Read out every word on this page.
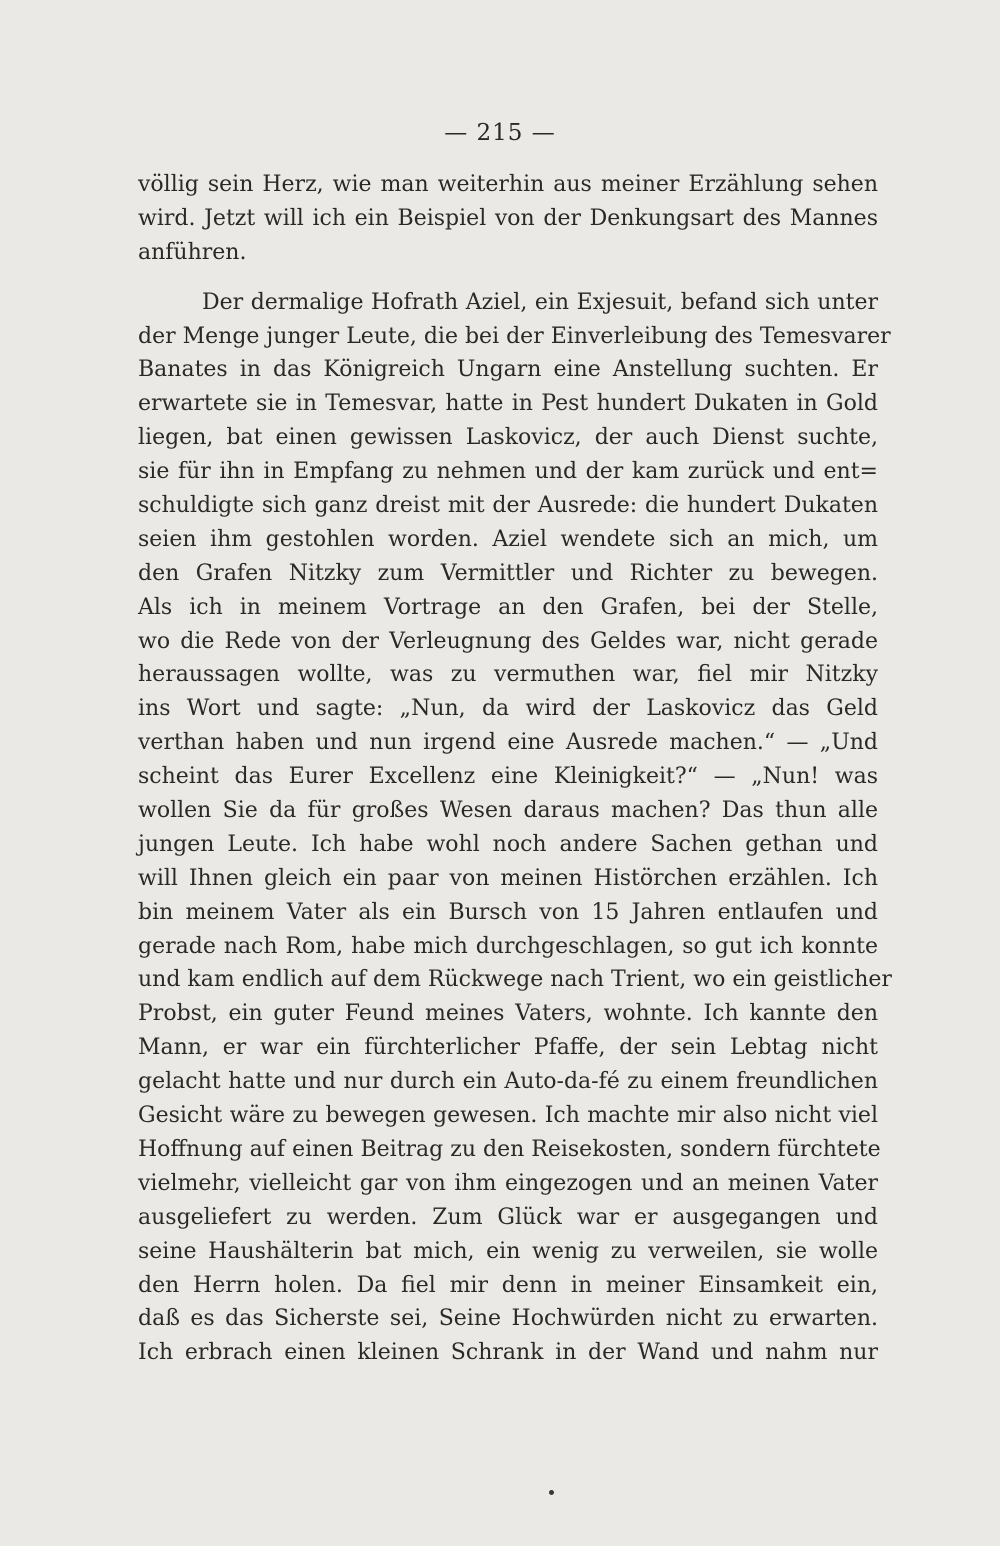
— 215 —
völlig sein Herz, wie man weiterhin aus meiner Erzählung sehen
wird. Jetzt will ich ein Beispiel von der Denkungsart des Mannes
anführen.
Der dermalige Hofrath Aziel, ein Exjesuit, befand sich unter
der Menge junger Leute, die bei der Einverleibung des Temesvarer
Banates in das Königreich Ungarn eine Anstellung suchten. Er
erwartete sie in Temesvar, hatte in Pest hundert Dukaten in Gold
liegen, bat einen gewissen Laskovicz, der auch Dienst suchte,
sie für ihn in Empfang zu nehmen und der kam zurück und ent=
schuldigte sich ganz dreist mit der Ausrede: die hundert Dukaten
seien ihm gestohlen worden. Aziel wendete sich an mich, um
den Grafen Nitzky zum Vermittler und Richter zu bewegen.
Als ich in meinem Vortrage an den Grafen, bei der Stelle,
wo die Rede von der Verleugnung des Geldes war, nicht gerade
heraussagen wollte, was zu vermuthen war, fiel mir Nitzky
ins Wort und sagte: „Nun, da wird der Laskovicz das Geld
verthan haben und nun irgend eine Ausrede machen.“ — „Und
scheint das Eurer Excellenz eine Kleinigkeit?“ — „Nun! was
wollen Sie da für großes Wesen daraus machen? Das thun alle
jungen Leute. Ich habe wohl noch andere Sachen gethan und
will Ihnen gleich ein paar von meinen Histörchen erzählen. Ich
bin meinem Vater als ein Bursch von 15 Jahren entlaufen und
gerade nach Rom, habe mich durchgeschlagen, so gut ich konnte
und kam endlich auf dem Rückwege nach Trient, wo ein geistlicher
Probst, ein guter Feund meines Vaters, wohnte. Ich kannte den
Mann, er war ein fürchterlicher Pfaffe, der sein Lebtag nicht
gelacht hatte und nur durch ein Auto-da-fé zu einem freundlichen
Gesicht wäre zu bewegen gewesen. Ich machte mir also nicht viel
Hoffnung auf einen Beitrag zu den Reisekosten, sondern fürchtete
vielmehr, vielleicht gar von ihm eingezogen und an meinen Vater
ausgeliefert zu werden. Zum Glück war er ausgegangen und
seine Haushälterin bat mich, ein wenig zu verweilen, sie wolle
den Herrn holen. Da fiel mir denn in meiner Einsamkeit ein,
daß es das Sicherste sei, Seine Hochwürden nicht zu erwarten.
Ich erbrach einen kleinen Schrank in der Wand und nahm nur
